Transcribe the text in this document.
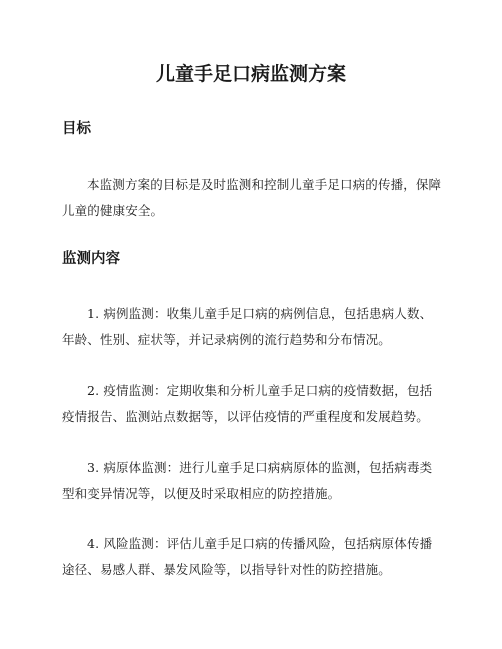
儿童手足口病监测方案
目标

本监测方案的目标是及时监测和控制儿童手足口病的传播，保障儿童的健康安全。

监测内容

1. 病例监测：收集儿童手足口病的病例信息，包括患病人数、年龄、性别、症状等，并记录病例的流行趋势和分布情况。

2. 疫情监测：定期收集和分析儿童手足口病的疫情数据，包括疫情报告、监测站点数据等，以评估疫情的严重程度和发展趋势。

3. 病原体监测：进行儿童手足口病病原体的监测，包括病毒类型和变异情况等，以便及时采取相应的防控措施。

4. 风险监测：评估儿童手足口病的传播风险，包括病原体传播途径、易感人群、暴发风险等，以指导针对性的防控措施。
